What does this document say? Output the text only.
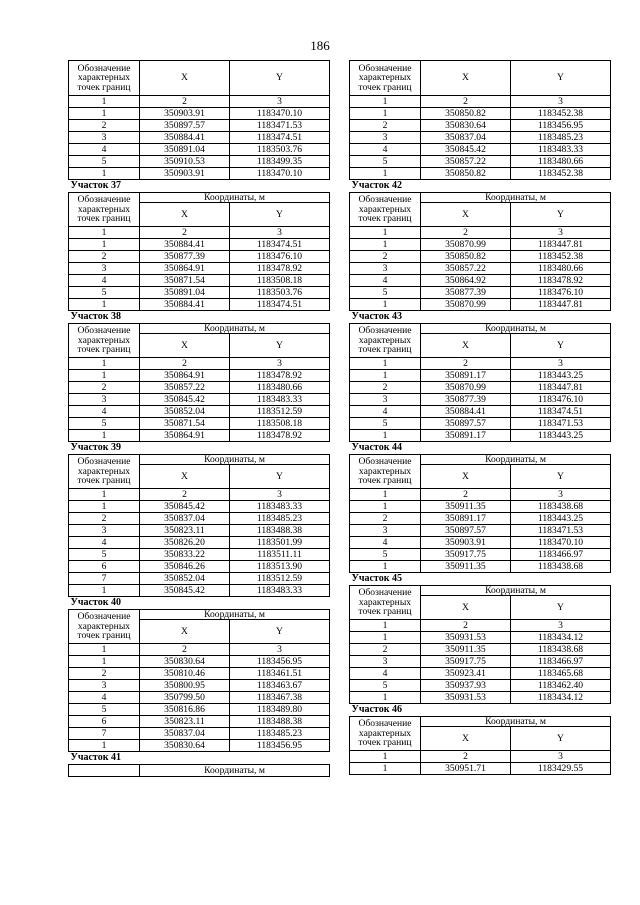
186
Обозначение характерных точек границ	X	Y
1	2	3
1	350903.91	1183470.10
2	350897.57	1183471.53
3	350884.41	1183474.51
4	350891.04	1183503.76
5	350910.53	1183499.35
1	350903.91	1183470.10
Участок 37		
Обозначение характерных точек границ	Координаты, м	
	X	Y
1	2	3
1	350884.41	1183474.51
2	350877.39	1183476.10
3	350864.91	1183478.92
4	350871.54	1183508.18
5	350891.04	1183503.76
1	350884.41	1183474.51
Участок 38		
Обозначение характерных точек границ	Координаты, м	
	X	Y
1	2	3
1	350864.91	1183478.92
2	350857.22	1183480.66
3	350845.42	1183483.33
4	350852.04	1183512.59
5	350871.54	1183508.18
1	350864.91	1183478.92
Участок 39		
Обозначение характерных точек границ	Координаты, м	
	X	Y
1	2	3
1	350845.42	1183483.33
2	350837.04	1183485.23
3	350823.11	1183488.38
4	350826.20	1183501.99
5	350833.22	1183511.11
6	350846.26	1183513.90
7	350852.04	1183512.59
1	350845.42	1183483.33
Участок 40		
Обозначение характерных точек границ	Координаты, м	
	X	Y
1	2	3
1	350830.64	1183456.95
2	350810.46	1183461.51
3	350800.95	1183463.67
4	350799.50	1183467.38
5	350816.86	1183489.80
6	350823.11	1183488.38
7	350837.04	1183485.23
1	350830.64	1183456.95
Участок 41		
	Координаты, м	
Обозначение характерных точек границ	X	Y
1	2	3
1	350850.82	1183452.38
2	350830.64	1183456.95
3	350837.04	1183485.23
4	350845.42	1183483.33
5	350857.22	1183480.66
1	350850.82	1183452.38
Участок 42		
Обозначение характерных точек границ	Координаты, м	
	X	Y
1	2	3
1	350870.99	1183447.81
2	350850.82	1183452.38
3	350857.22	1183480.66
4	350864.92	1183478.92
5	350877.39	1183476.10
1	350870.99	1183447.81
Участок 43		
Обозначение характерных точек границ	Координаты, м	
	X	Y
1	2	3
1	350891.17	1183443.25
2	350870.99	1183447.81
3	350877.39	1183476.10
4	350884.41	1183474.51
5	350897.57	1183471.53
1	350891.17	1183443.25
Участок 44		
Обозначение характерных точек границ	Координаты, м	
	X	Y
1	2	3
1	350911.35	1183438.68
2	350891.17	1183443.25
3	350897.57	1183471.53
4	350903.91	1183470.10
5	350917.75	1183466.97
1	350911.35	1183438.68
Участок 45		
Обозначение характерных точек границ	Координаты, м	
	X	Y
1	2	3
1	350931.53	1183434.12
2	350911.35	1183438.68
3	350917.75	1183466.97
4	350923.41	1183465.68
5	350937.93	1183462.40
1	350931.53	1183434.12
Участок 46		
Обозначение характерных точек границ	Координаты, м	
	X	Y
1	2	3
1	350951.71	1183429.55
